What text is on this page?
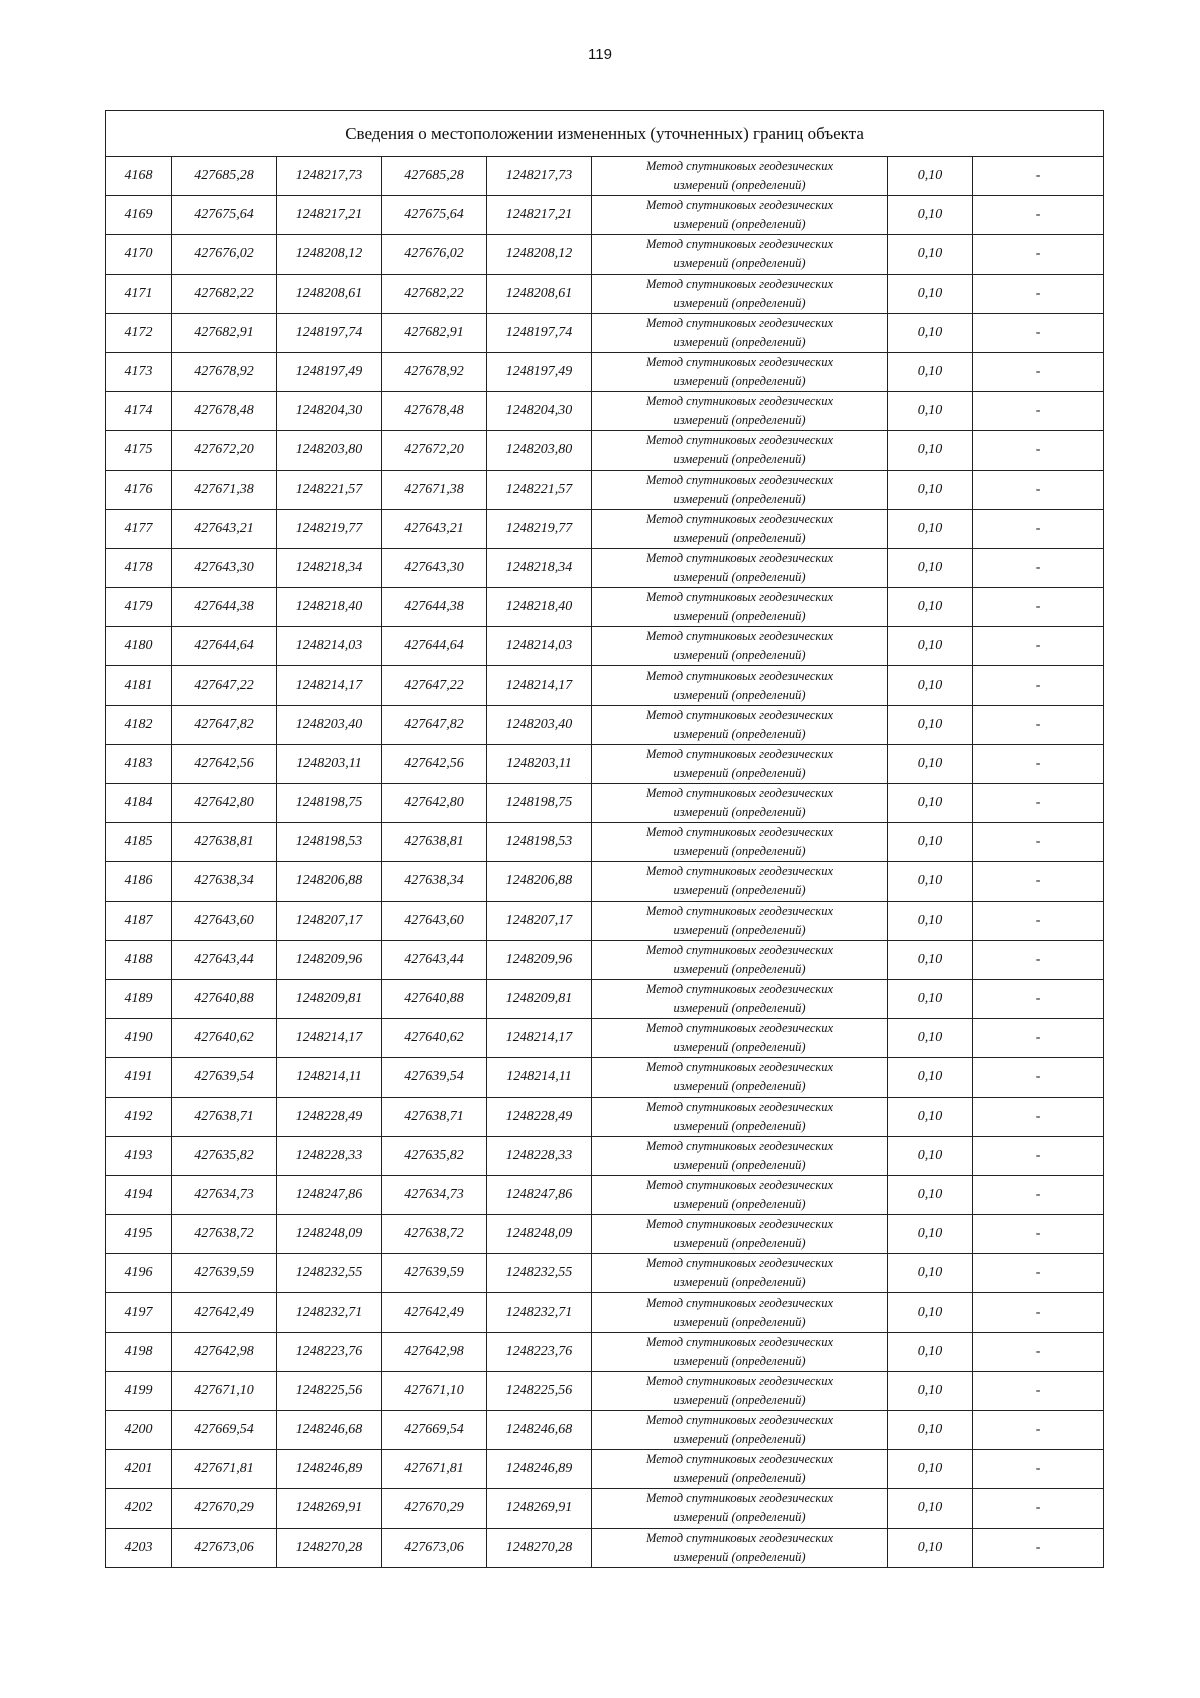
119
Сведения о местоположении измененных (уточненных) границ объекта							
4168	427685,28	1248217,73	427685,28	1248217,73	Метод спутниковых геодезических
измерений (определений)	0,10	-
4169	427675,64	1248217,21	427675,64	1248217,21	Метод спутниковых геодезических
измерений (определений)	0,10	-
4170	427676,02	1248208,12	427676,02	1248208,12	Метод спутниковых геодезических
измерений (определений)	0,10	-
4171	427682,22	1248208,61	427682,22	1248208,61	Метод спутниковых геодезических
измерений (определений)	0,10	-
4172	427682,91	1248197,74	427682,91	1248197,74	Метод спутниковых геодезических
измерений (определений)	0,10	-
4173	427678,92	1248197,49	427678,92	1248197,49	Метод спутниковых геодезических
измерений (определений)	0,10	-
4174	427678,48	1248204,30	427678,48	1248204,30	Метод спутниковых геодезических
измерений (определений)	0,10	-
4175	427672,20	1248203,80	427672,20	1248203,80	Метод спутниковых геодезических
измерений (определений)	0,10	-
4176	427671,38	1248221,57	427671,38	1248221,57	Метод спутниковых геодезических
измерений (определений)	0,10	-
4177	427643,21	1248219,77	427643,21	1248219,77	Метод спутниковых геодезических
измерений (определений)	0,10	-
4178	427643,30	1248218,34	427643,30	1248218,34	Метод спутниковых геодезических
измерений (определений)	0,10	-
4179	427644,38	1248218,40	427644,38	1248218,40	Метод спутниковых геодезических
измерений (определений)	0,10	-
4180	427644,64	1248214,03	427644,64	1248214,03	Метод спутниковых геодезических
измерений (определений)	0,10	-
4181	427647,22	1248214,17	427647,22	1248214,17	Метод спутниковых геодезических
измерений (определений)	0,10	-
4182	427647,82	1248203,40	427647,82	1248203,40	Метод спутниковых геодезических
измерений (определений)	0,10	-
4183	427642,56	1248203,11	427642,56	1248203,11	Метод спутниковых геодезических
измерений (определений)	0,10	-
4184	427642,80	1248198,75	427642,80	1248198,75	Метод спутниковых геодезических
измерений (определений)	0,10	-
4185	427638,81	1248198,53	427638,81	1248198,53	Метод спутниковых геодезических
измерений (определений)	0,10	-
4186	427638,34	1248206,88	427638,34	1248206,88	Метод спутниковых геодезических
измерений (определений)	0,10	-
4187	427643,60	1248207,17	427643,60	1248207,17	Метод спутниковых геодезических
измерений (определений)	0,10	-
4188	427643,44	1248209,96	427643,44	1248209,96	Метод спутниковых геодезических
измерений (определений)	0,10	-
4189	427640,88	1248209,81	427640,88	1248209,81	Метод спутниковых геодезических
измерений (определений)	0,10	-
4190	427640,62	1248214,17	427640,62	1248214,17	Метод спутниковых геодезических
измерений (определений)	0,10	-
4191	427639,54	1248214,11	427639,54	1248214,11	Метод спутниковых геодезических
измерений (определений)	0,10	-
4192	427638,71	1248228,49	427638,71	1248228,49	Метод спутниковых геодезических
измерений (определений)	0,10	-
4193	427635,82	1248228,33	427635,82	1248228,33	Метод спутниковых геодезических
измерений (определений)	0,10	-
4194	427634,73	1248247,86	427634,73	1248247,86	Метод спутниковых геодезических
измерений (определений)	0,10	-
4195	427638,72	1248248,09	427638,72	1248248,09	Метод спутниковых геодезических
измерений (определений)	0,10	-
4196	427639,59	1248232,55	427639,59	1248232,55	Метод спутниковых геодезических
измерений (определений)	0,10	-
4197	427642,49	1248232,71	427642,49	1248232,71	Метод спутниковых геодезических
измерений (определений)	0,10	-
4198	427642,98	1248223,76	427642,98	1248223,76	Метод спутниковых геодезических
измерений (определений)	0,10	-
4199	427671,10	1248225,56	427671,10	1248225,56	Метод спутниковых геодезических
измерений (определений)	0,10	-
4200	427669,54	1248246,68	427669,54	1248246,68	Метод спутниковых геодезических
измерений (определений)	0,10	-
4201	427671,81	1248246,89	427671,81	1248246,89	Метод спутниковых геодезических
измерений (определений)	0,10	-
4202	427670,29	1248269,91	427670,29	1248269,91	Метод спутниковых геодезических
измерений (определений)	0,10	-
4203	427673,06	1248270,28	427673,06	1248270,28	Метод спутниковых геодезических
измерений (определений)	0,10	-
